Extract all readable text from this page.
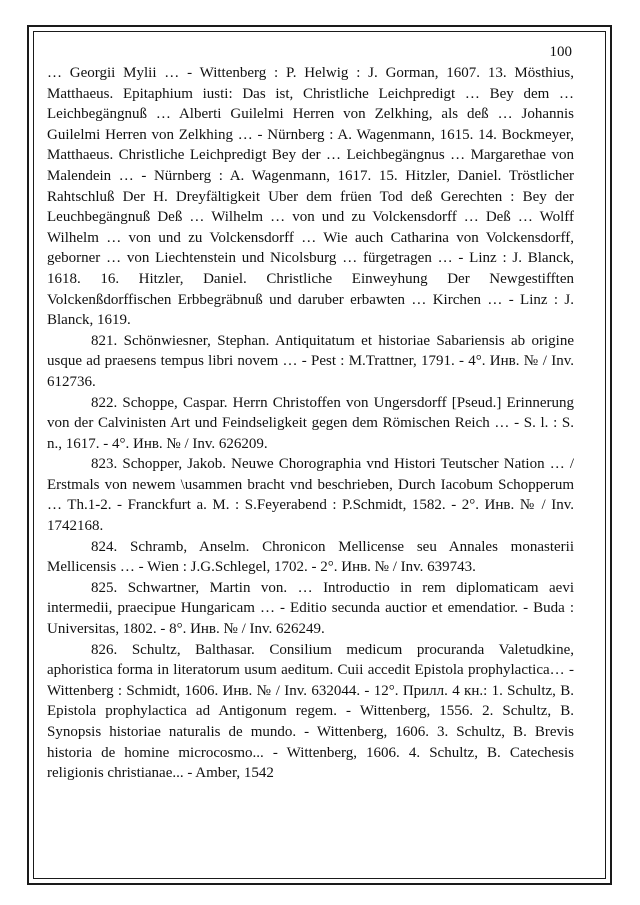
100

… Georgii Mylii … - Wittenberg : P. Helwig : J. Gorman, 1607. 13. Mösthius, Matthaeus. Epitaphium iusti: Das ist, Christliche Leichpredigt … Bey dem … Leichbegängnuß … Alberti Guilelmi Herren von Zelkhing, als deß … Johannis Guilelmi Herren von Zelkhing … - Nürnberg : A. Wagenmann, 1615. 14. Bockmeyer, Matthaeus. Christliche Leichpredigt Bey der … Leichbegängnus … Margarethae von Malendein … - Nürnberg : A. Wagenmann, 1617. 15. Hitzler, Daniel. Tröstlicher Rahtschluß Der H. Dreyfältigkeit Uber dem früen Tod deß Gerechten : Bey der Leuchbegängnuß Deß … Wilhelm … von und zu Volckensdorff … Deß … Wolff Wilhelm … von und zu Volckensdorff … Wie auch Catharina von Volckensdorff, geborner … von Liechtenstein und Nicolsburg … fürgetragen … - Linz : J. Blanck, 1618. 16. Hitzler, Daniel. Christliche Einweyhung Der Newgestifften Volckenßdorffischen Erbbegräbnuß und daruber erbawten … Kirchen … - Linz : J. Blanck, 1619.

821. Schönwiesner, Stephan. Antiquitatum et historiae Sabariensis ab origine usque ad praesens tempus libri novem … - Pest : M.Trattner, 1791. - 4°. Инв. № / Inv. 612736.

822. Schoppe, Caspar. Herrn Christoffen von Ungersdorff [Pseud.] Erinnerung von der Calvinisten Art und Feindseligkeit gegen dem Römischen Reich … - S. l. : S. n., 1617. - 4°. Инв. № / Inv. 626209.

823. Schopper, Jakob. Neuwe Chorographia vnd Histori Teutscher Nation … / Erstmals von newem \usammen bracht vnd beschrieben, Durch Iacobum Schopperum … Th.1-2. - Franckfurt a. M. : S.Feyerabend : P.Schmidt, 1582. - 2°. Инв. № / Inv. 1742168.

824. Schramb, Anselm. Chronicon Mellicense seu Annales monasterii Mellicensis … - Wien : J.G.Schlegel, 1702. - 2°. Инв. № / Inv. 639743.

825. Schwartner, Martin von. … Introductio in rem diplomaticam aevi intermedii, praecipue Hungaricam … - Editio secunda auctior et emendatior. - Buda : Universitas, 1802. - 8°. Инв. № / Inv. 626249.

826. Schultz, Balthasar. Consilium medicum procuranda Valetudkine, aphoristica forma in literatorum usum aeditum. Cuii accedit Epistola prophylactica… - Wittenberg : Schmidt, 1606. Инв. № / Inv. 632044. - 12°. Прилл. 4 кн.: 1. Schultz, B. Epistola prophylactica ad Antigonum regem. - Wittenberg, 1556. 2. Schultz, B. Synopsis historiae naturalis de mundo. - Wittenberg, 1606. 3. Schultz, B. Brevis historia de homine microcosmo... - Wittenberg, 1606. 4. Schultz, B. Catechesis religionis christianae... - Amber, 1542
